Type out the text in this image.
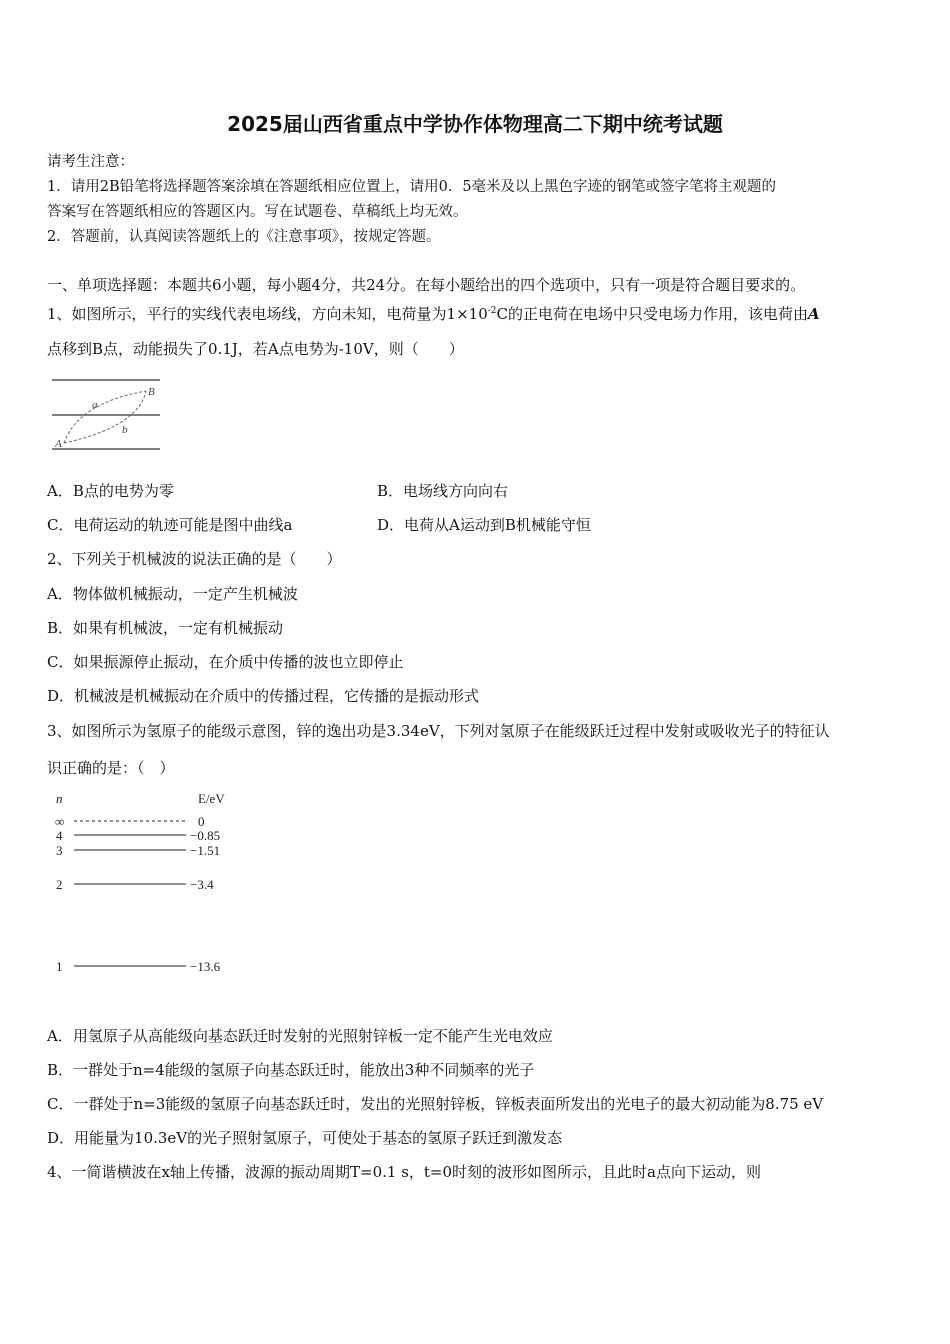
2025届山西省重点中学协作体物理高二下期中统考试题
请考生注意：
1．请用2B铅笔将选择题答案涂填在答题纸相应位置上，请用0．5毫米及以上黑色字迹的钢笔或签字笔将主观题的
答案写在答题纸相应的答题区内。写在试题卷、草稿纸上均无效。
2．答题前，认真阅读答题纸上的《注意事项》，按规定答题。
一、单项选择题：本题共6小题，每小题4分，共24分。在每小题给出的四个选项中，只有一项是符合题目要求的。
1、如图所示，平行的实线代表电场线，方向未知，电荷量为$1\times 10^{-2}C$的正电荷在电场中只受电场力作用，该电荷由A
点移到B点，动能损失了0.1J，若A点电势为-10V，则（　　）
a
b
A
B
A．B点的电势为零	B．电场线方向向右
C．电荷运动的轨迹可能是图中曲线a	D．电荷从A运动到B机械能守恒
2、下列关于机械波的说法正确的是（　　）
A．物体做机械振动，一定产生机械波
B．如果有机械波，一定有机械振动
C．如果振源停止振动，在介质中传播的波也立即停止
D．机械波是机械振动在介质中的传播过程，它传播的是振动形式
3、如图所示为氢原子的能级示意图，锌的逸出功是3.34eV，下列对氢原子在能级跃迁过程中发射或吸收光子的特征认
识正确的是：（　）
n	E/eV
∞	0
4	−0.85
3	−1.51
2	−3.4
1	−13.6
A．用氢原子从高能级向基态跃迁时发射的光照射锌板一定不能产生光电效应
B．一群处于n=4能级的氢原子向基态跃迁时，能放出3种不同频率的光子
C．一群处于n=3能级的氢原子向基态跃迁时，发出的光照射锌板，锌板表面所发出的光电子的最大初动能为8.75 eV
D．用能量为10.3eV的光子照射氢原子，可使处于基态的氢原子跃迁到激发态
4、一简谐横波在x轴上传播，波源的振动周期T=0.1 s，t=0时刻的波形如图所示，且此时a点向下运动，则
